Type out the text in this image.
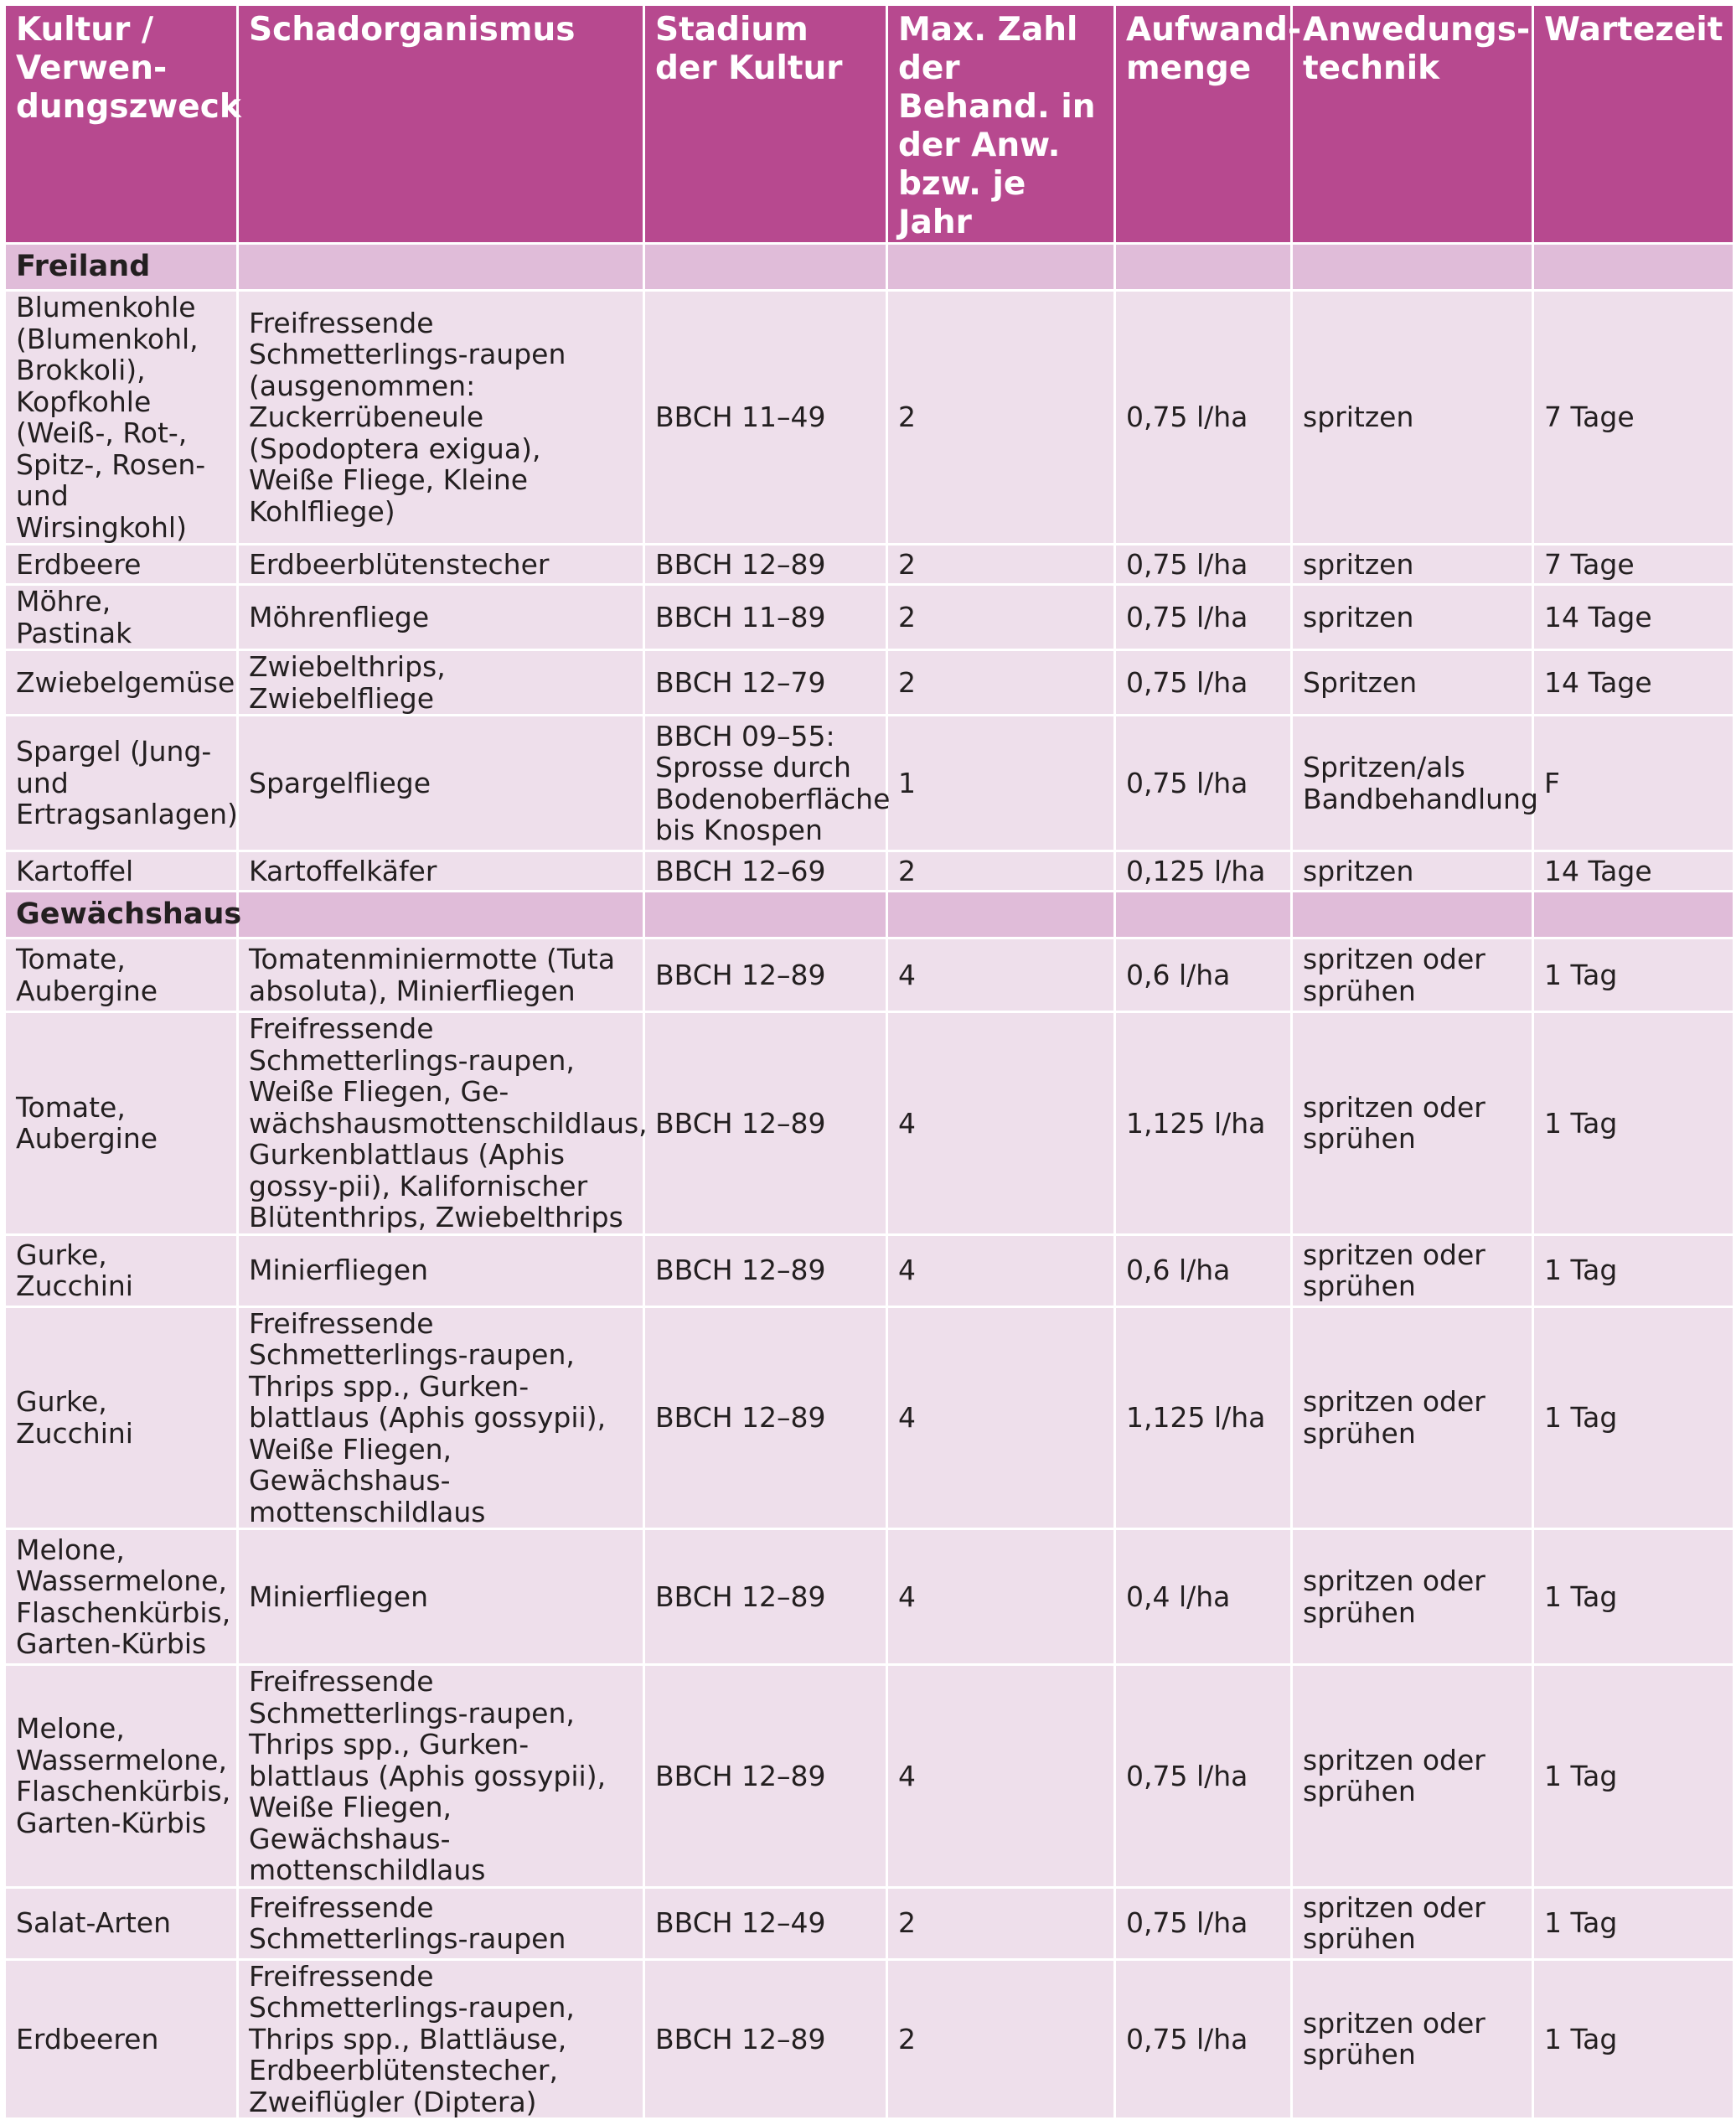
Kultur / Verwen-dungszweck	Schadorganismus	Stadium der Kultur	Max. Zahl der Behand. in der Anw. bzw. je Jahr	Aufwand-menge	Anwedungs-technik	Wartezeit
Freiland						
Blumenkohle (Blumenkohl, Brokkoli), Kopfkohle (Weiß-, Rot-, Spitz-, Rosen- und Wirsingkohl)	Freifressende Schmetterlings-raupen (ausgenommen: Zuckerrübeneule (Spodoptera exigua), Weiße Fliege, Kleine Kohlfliege)	BBCH 11–49	2	0,75 l/ha	spritzen	7 Tage
Erdbeere	Erdbeerblütenstecher	BBCH 12–89	2	0,75 l/ha	spritzen	7 Tage
Möhre, Pastinak	Möhrenfliege	BBCH 11–89	2	0,75 l/ha	spritzen	14 Tage
Zwiebelgemüse	Zwiebelthrips, Zwiebelfliege	BBCH 12–79	2	0,75 l/ha	Spritzen	14 Tage
Spargel (Jung- und Ertragsanlagen)	Spargelfliege	BBCH 09–55: Sprosse durch Bodenoberfläche bis Knospen	1	0,75 l/ha	Spritzen/als Bandbehandlung	F
Kartoffel	Kartoffelkäfer	BBCH 12–69	2	0,125 l/ha	spritzen	14 Tage
Gewächshaus						
Tomate, Aubergine	Tomatenminiermotte (Tuta absoluta), Minierfliegen	BBCH 12–89	4	0,6 l/ha	spritzen oder sprühen	1 Tag
Tomate, Aubergine	Freifressende Schmetterlings-raupen, Weiße Fliegen, Ge-wächshausmottenschildlaus, Gurkenblattlaus (Aphis gossy-pii), Kalifornischer Blütenthrips, Zwiebelthrips	BBCH 12–89	4	1,125 l/ha	spritzen oder sprühen	1 Tag
Gurke, Zucchini	Minierfliegen	BBCH 12–89	4	0,6 l/ha	spritzen oder sprühen	1 Tag
Gurke, Zucchini	Freifressende Schmetterlings-raupen, Thrips spp., Gurken-blattlaus (Aphis gossypii), Weiße Fliegen, Gewächshaus-mottenschildlaus	BBCH 12–89	4	1,125 l/ha	spritzen oder sprühen	1 Tag
Melone, Wassermelone, Flaschenkürbis, Garten-Kürbis	Minierfliegen	BBCH 12–89	4	0,4 l/ha	spritzen oder sprühen	1 Tag
Melone, Wassermelone, Flaschenkürbis, Garten-Kürbis	Freifressende Schmetterlings-raupen, Thrips spp., Gurken-blattlaus (Aphis gossypii), Weiße Fliegen, Gewächshaus-mottenschildlaus	BBCH 12–89	4	0,75 l/ha	spritzen oder sprühen	1 Tag
Salat-Arten	Freifressende Schmetterlings-raupen	BBCH 12–49	2	0,75 l/ha	spritzen oder sprühen	1 Tag
Erdbeeren	Freifressende Schmetterlings-raupen, Thrips spp., Blattläuse, Erdbeerblütenstecher, Zweiflügler (Diptera)	BBCH 12–89	2	0,75 l/ha	spritzen oder sprühen	1 Tag
